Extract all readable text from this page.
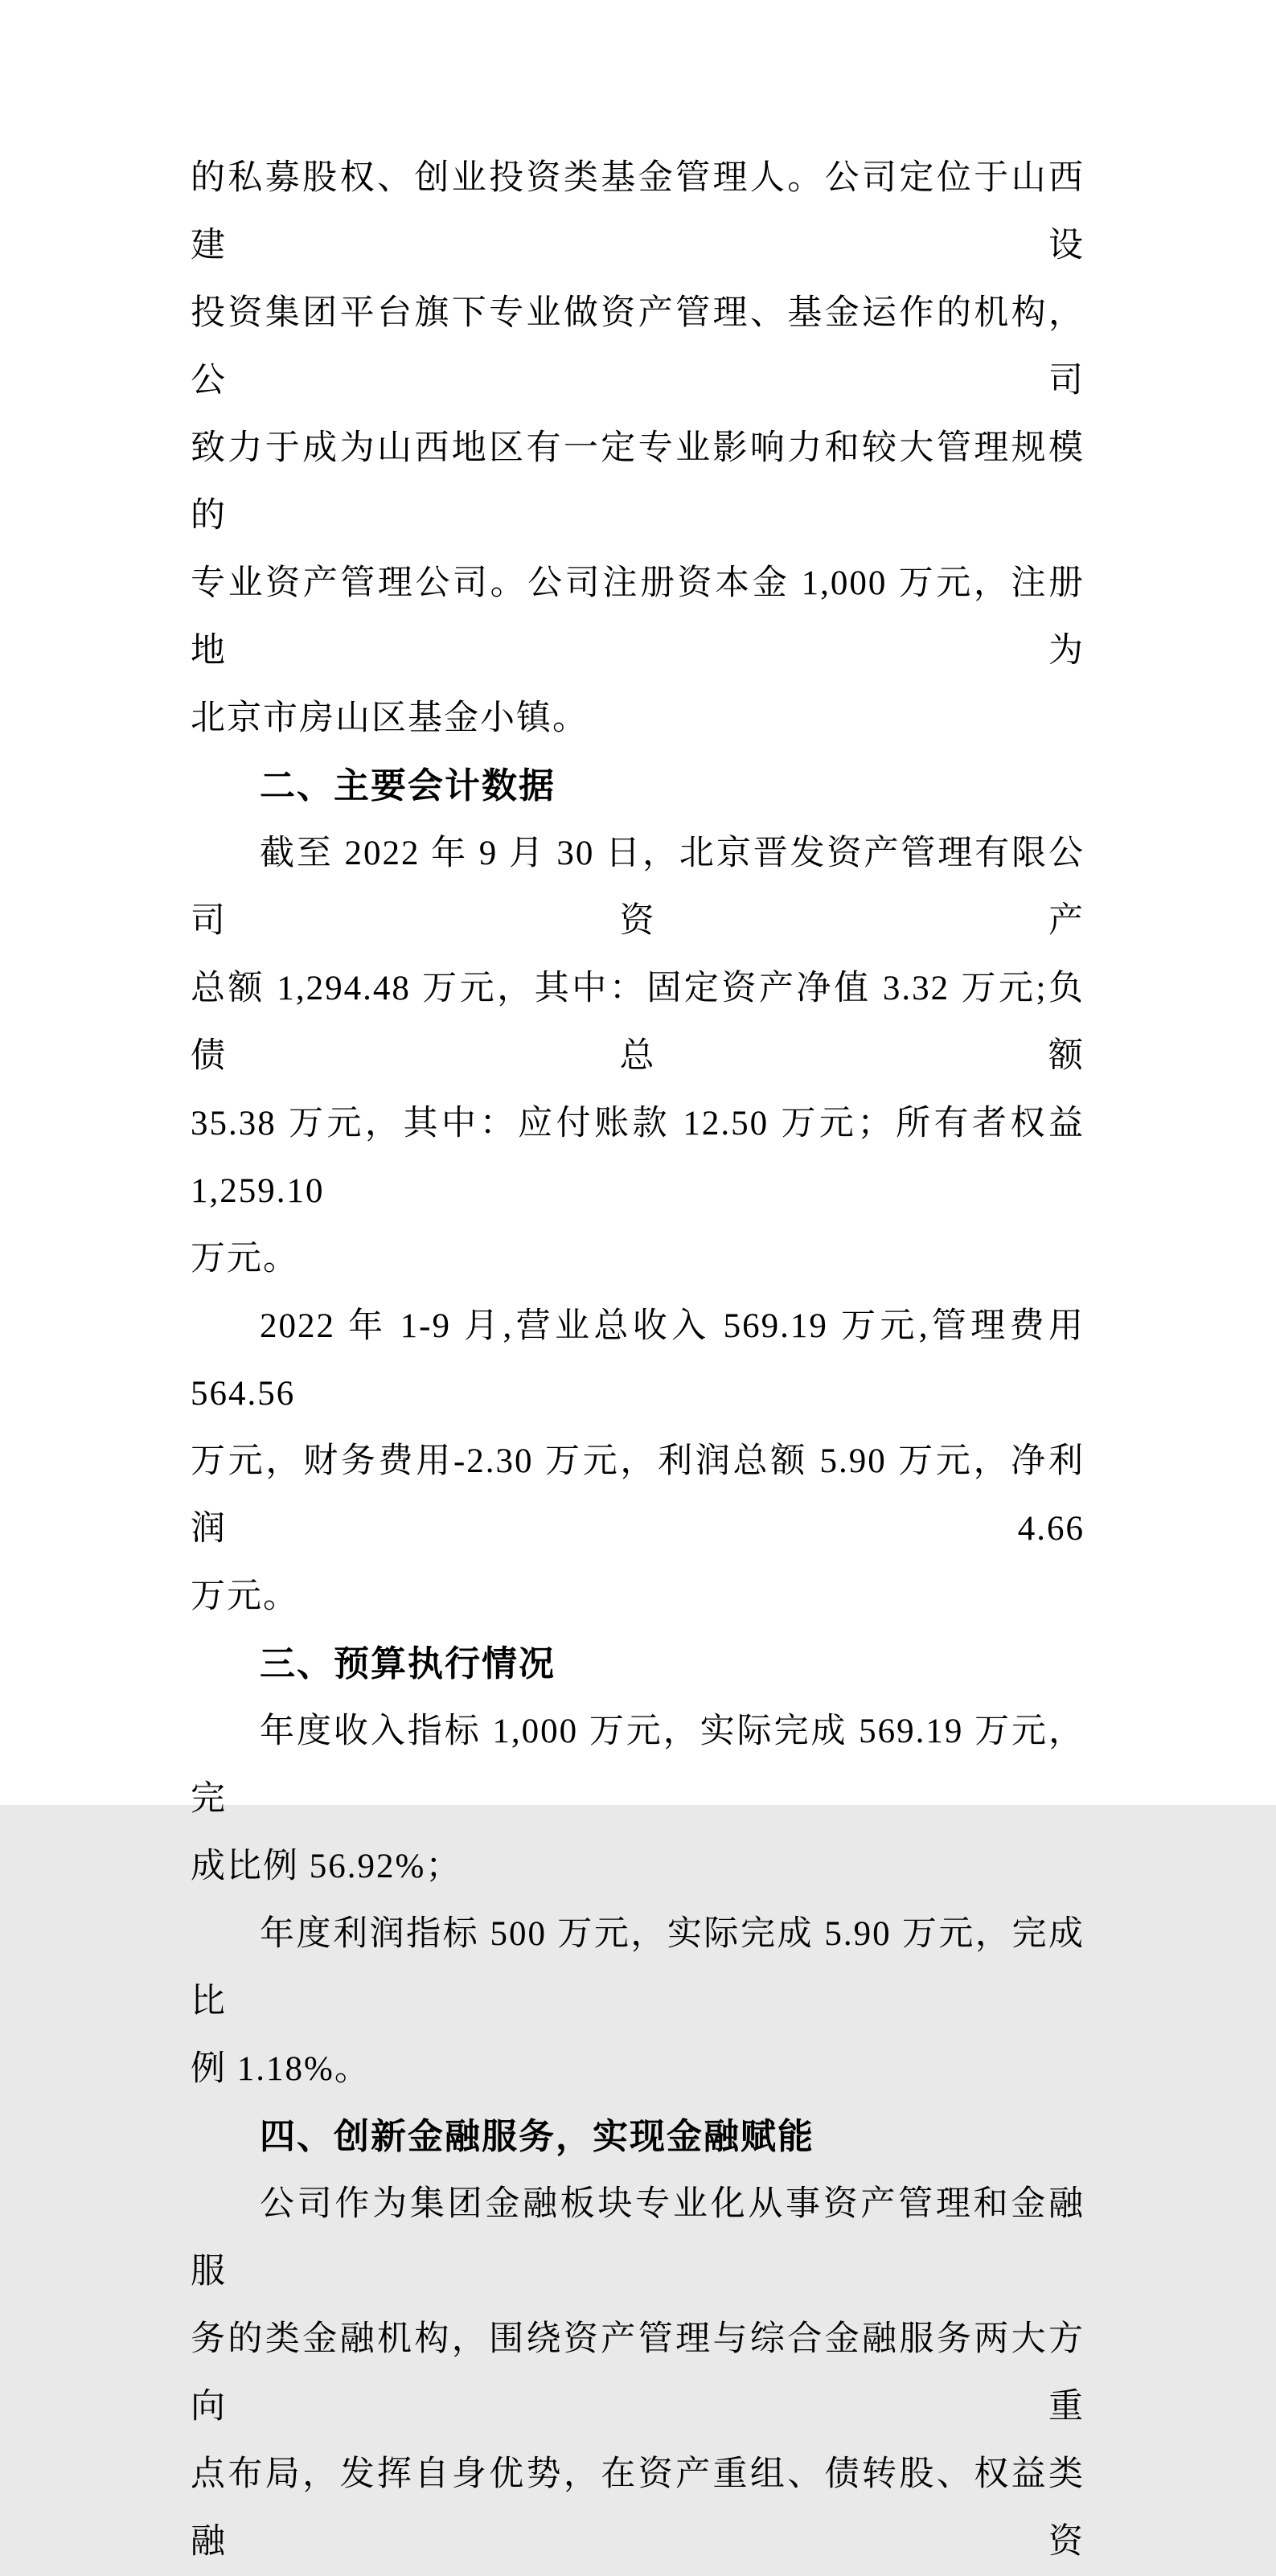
的私募股权、创业投资类基金管理人。公司定位于山西建设
投资集团平台旗下专业做资产管理、基金运作的机构，公司
致力于成为山西地区有一定专业影响力和较大管理规模的
专业资产管理公司。公司注册资本金 1,000 万元，注册地为
北京市房山区基金小镇。
二、主要会计数据
截至 2022 年 9 月 30 日，北京晋发资产管理有限公司资产
总额 1,294.48 万元，其中：固定资产净值 3.32 万元;负债总额
35.38 万元，其中：应付账款 12.50 万元；所有者权益 1,259.10
万元。
2022 年 1-9 月,营业总收入 569.19 万元,管理费用 564.56
万元，财务费用-2.30 万元，利润总额 5.90 万元，净利润 4.66
万元。
三、预算执行情况
年度收入指标 1,000 万元，实际完成 569.19 万元，完
成比例 56.92%；
年度利润指标 500 万元，实际完成 5.90 万元，完成比
例 1.18%。
四、创新金融服务，实现金融赋能
公司作为集团金融板块专业化从事资产管理和金融服
务的类金融机构，围绕资产管理与综合金融服务两大方向重
点布局，发挥自身优势，在资产重组、债转股、权益类融资
